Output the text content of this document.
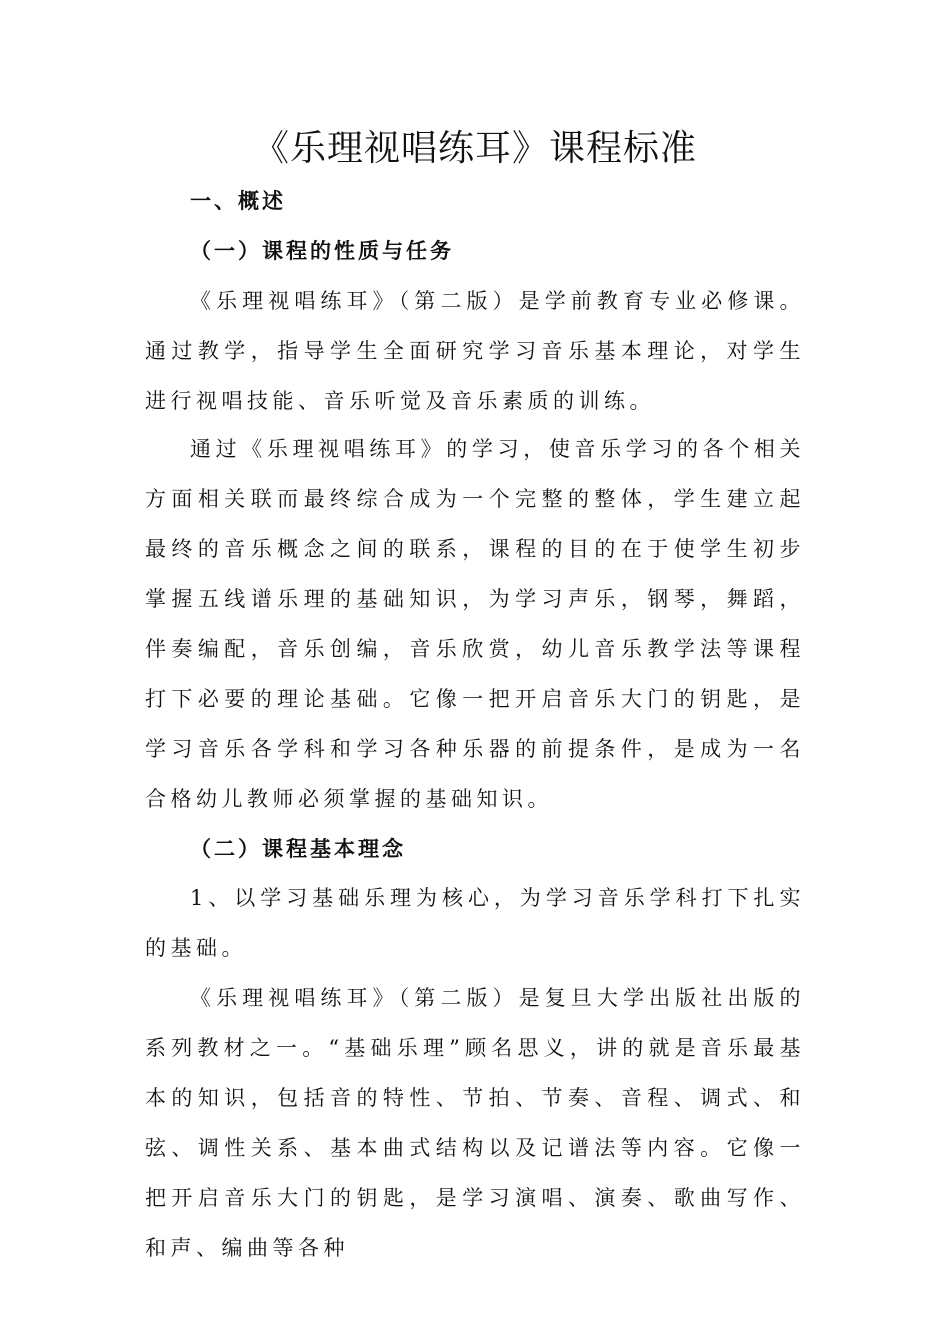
《乐理视唱练耳》课程标准
一、概述
（一）课程的性质与任务

《乐理视唱练耳》（第二版）是学前教育专业必修课。通过教学，指导学生全面研究学习音乐基本理论，对学生进行视唱技能、音乐听觉及音乐素质的训练。

通过《乐理视唱练耳》的学习，使音乐学习的各个相关方面相关联而最终综合成为一个完整的整体，学生建立起最终的音乐概念之间的联系，课程的目的在于使学生初步掌握五线谱乐理的基础知识，为学习声乐，钢琴，舞蹈，伴奏编配，音乐创编，音乐欣赏，幼儿音乐教学法等课程打下必要的理论基础。它像一把开启音乐大门的钥匙，是学习音乐各学科和学习各种乐器的前提条件，是成为一名合格幼儿教师必须掌握的基础知识。

（二）课程基本理念

1、以学习基础乐理为核心，为学习音乐学科打下扎实的基础。

《乐理视唱练耳》（第二版）是复旦大学出版社出版的系列教材之一。“基础乐理”顾名思义，讲的就是音乐最基本的知识，包括音的特性、节拍、节奏、音程、调式、和弦、调性关系、基本曲式结构以及记谱法等内容。它像一把开启音乐大门的钥匙，是学习演唱、演奏、歌曲写作、和声、编曲等各种
